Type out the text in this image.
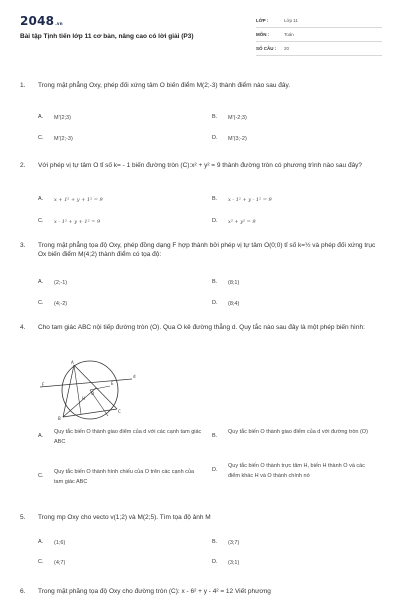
2048.vn
Bài tập Tịnh tiến lớp 11 cơ bản, nâng cao có lời giải (P3)
LỚP :	Lớp 11
MÔN :	Toán
SỐ CÂU :	20
1. Trong mặt phẳng Oxy, phép đối xứng tâm O biến điểm M(2;-3) thành điểm nào sau đây.
A.	M'(2;3)	B.	M'(-2;3)
C.	M'(2;-3)	D.	M'(3;-2)
2. Với phép vị tự tâm O tỉ số k= - 1 biến đường tròn (C):x² + y² = 9 thành đường tròn có phương trình nào sau đây?
A.	x + 1² + y + 1² = 9	B.	x - 1² + y - 1² = 9
C.	x - 1² + y + 1² = 9	D.	x² + y² = 9
3. Trong mặt phẳng tọa độ Oxy, phép đồng dạng F hợp thành bởi phép vị tự tâm O(0;0) tỉ số k=½ và phép đối xứng trục Ox biến điểm M(4;2) thành điểm có tọa độ:
A.	(2;-1)	B.	(8;1)
C.	(4;-2)	D.	(8;4)
4. Cho tam giác ABC nội tiếp đường tròn (O). Qua O kẻ đường thẳng d. Quy tắc nào sau đây là một phép biến hình:
A.
Quy tắc biến O thành giao điểm của d với các cạnh tam giác ABC
B.
Quy tắc biến O thành giao điểm của d với đường tròn (O)
C.
Quy tắc biến O thành hình chiếu của O trên các cạnh của tam giác ABC
D.
Quy tắc biến O thành trực tâm H, biến H thành O và các điểm khác H và O thành chính nó
A
B
C
H
O
d
E
F
5. Trong mp Oxy cho vecto v(1;2) và M(2;5). Tìm tọa độ ảnh M
A.	(1;6)	B.	(3;7)
C.	(4;7)	D.	(3;1)
6. Trong mặt phẳng tọa độ Oxy cho đường tròn (C): x - 6² + y - 4² = 12 Viết phương
